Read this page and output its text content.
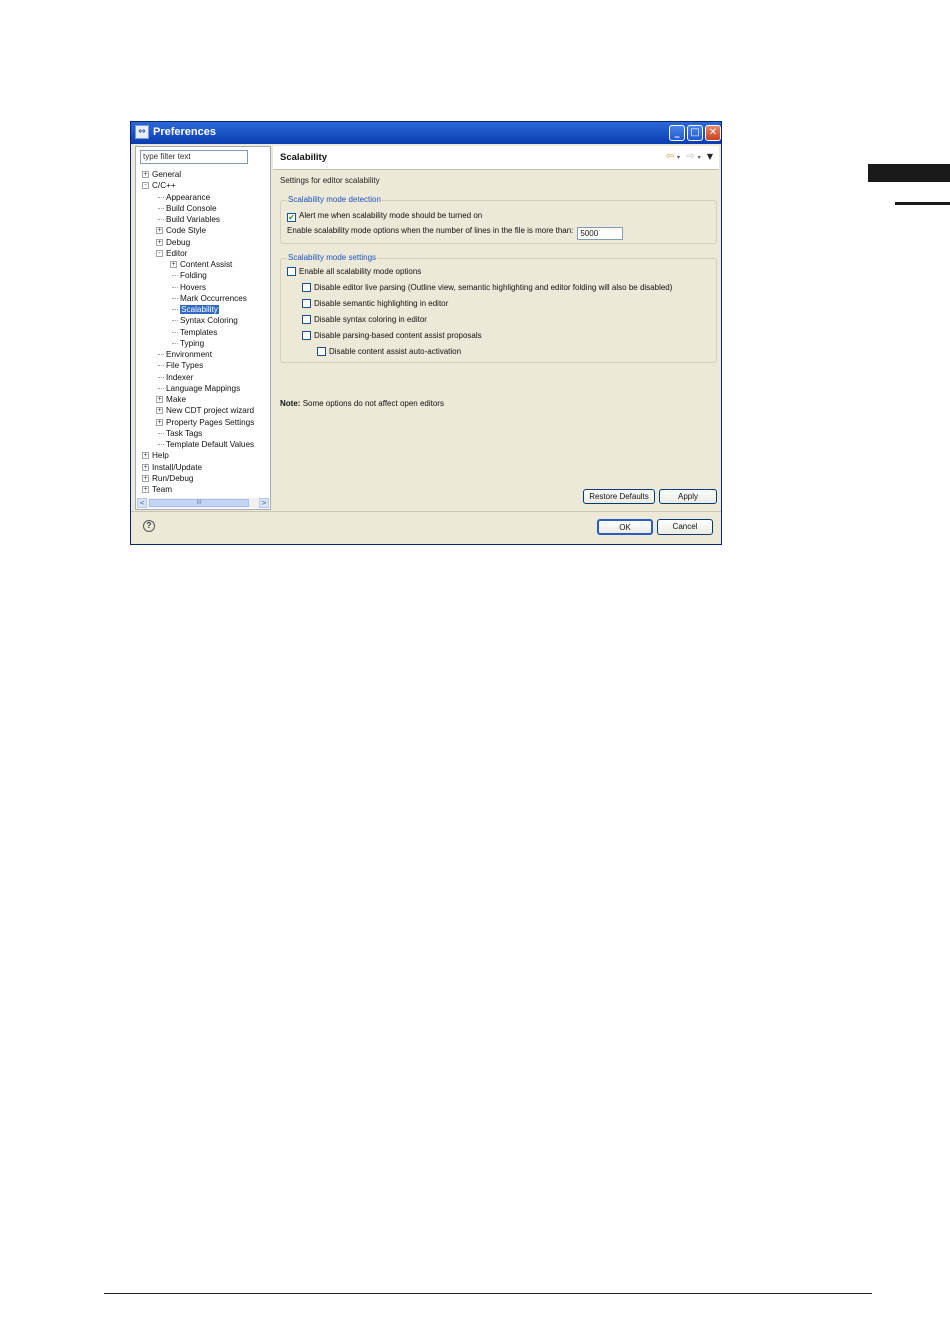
⇔ Preferences	_	□ ✕
type filter text
+ General
- C/C++
Appearance
Build Console
Build Variables
+ Code Style
+ Debug
- Editor
+ Content Assist
Folding
Hovers
Mark Occurrences
Scalability
Syntax Coloring
Templates
Typing
Environment
File Types
Indexer
Language Mappings
+ Make
+ New CDT project wizard
+ Property Pages Settings
Task Tags
Template Default Values
+ Help
+ Install/Update
+ Run/Debug
+ Team
<	III	>
Scalability	⇦ ▾ ⇨ ▾ ▼
Settings for editor scalability
Scalability mode detection
✔ Alert me when scalability mode should be turned on
Enable scalability mode options when the number of lines in the file is more than: 5000
Scalability mode settings
Enable all scalability mode options
Disable editor live parsing (Outline view, semantic highlighting and editor folding will also be disabled)
Disable semantic highlighting in editor
Disable syntax coloring in editor
Disable parsing-based content assist proposals
Disable content assist auto-activation
Note: Some options do not affect open editors
Restore Defaults	Apply
?	OK	Cancel
